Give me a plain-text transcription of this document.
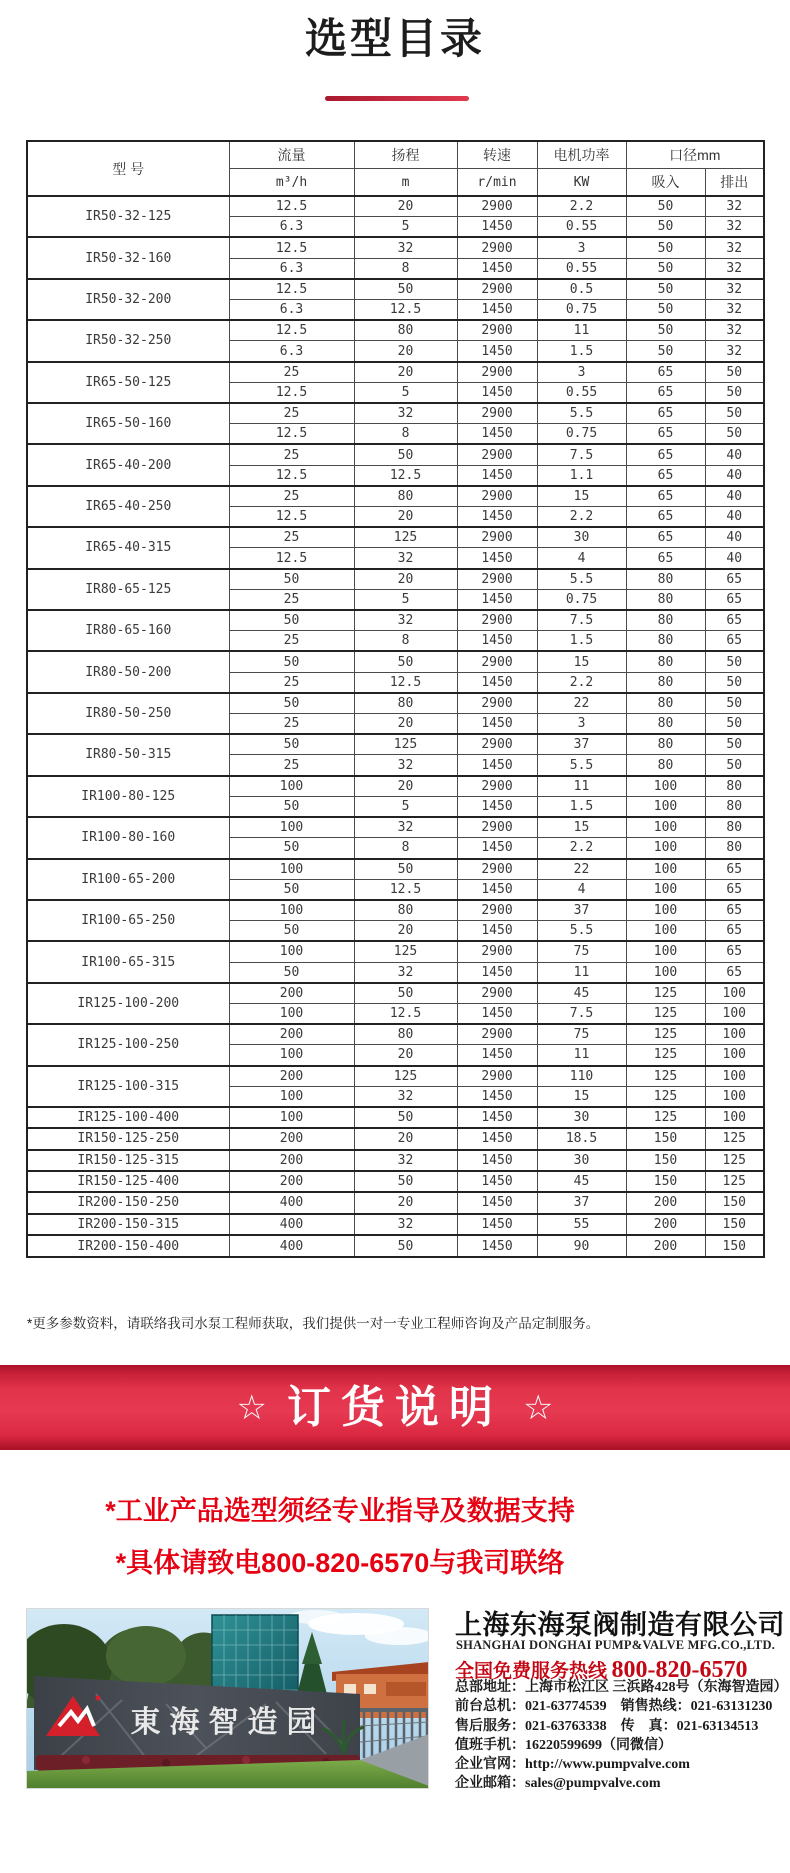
选型目录
型 号	流量	扬程	转速	电机功率	口径mm	
	m³/h	m	r/min	KW	吸入	排出
IR50-32-125	12.5	20	2900	2.2	50	32
	6.3	5	1450	0.55	50	32
IR50-32-160	12.5	32	2900	3	50	32
	6.3	8	1450	0.55	50	32
IR50-32-200	12.5	50	2900	0.5	50	32
	6.3	12.5	1450	0.75	50	32
IR50-32-250	12.5	80	2900	11	50	32
	6.3	20	1450	1.5	50	32
IR65-50-125	25	20	2900	3	65	50
	12.5	5	1450	0.55	65	50
IR65-50-160	25	32	2900	5.5	65	50
	12.5	8	1450	0.75	65	50
IR65-40-200	25	50	2900	7.5	65	40
	12.5	12.5	1450	1.1	65	40
IR65-40-250	25	80	2900	15	65	40
	12.5	20	1450	2.2	65	40
IR65-40-315	25	125	2900	30	65	40
	12.5	32	1450	4	65	40
IR80-65-125	50	20	2900	5.5	80	65
	25	5	1450	0.75	80	65
IR80-65-160	50	32	2900	7.5	80	65
	25	8	1450	1.5	80	65
IR80-50-200	50	50	2900	15	80	50
	25	12.5	1450	2.2	80	50
IR80-50-250	50	80	2900	22	80	50
	25	20	1450	3	80	50
IR80-50-315	50	125	2900	37	80	50
	25	32	1450	5.5	80	50
IR100-80-125	100	20	2900	11	100	80
	50	5	1450	1.5	100	80
IR100-80-160	100	32	2900	15	100	80
	50	8	1450	2.2	100	80
IR100-65-200	100	50	2900	22	100	65
	50	12.5	1450	4	100	65
IR100-65-250	100	80	2900	37	100	65
	50	20	1450	5.5	100	65
IR100-65-315	100	125	2900	75	100	65
	50	32	1450	11	100	65
IR125-100-200	200	50	2900	45	125	100
	100	12.5	1450	7.5	125	100
IR125-100-250	200	80	2900	75	125	100
	100	20	1450	11	125	100
IR125-100-315	200	125	2900	110	125	100
	100	32	1450	15	125	100
IR125-100-400	100	50	1450	30	125	100
IR150-125-250	200	20	1450	18.5	150	125
IR150-125-315	200	32	1450	30	150	125
IR150-125-400	200	50	1450	45	150	125
IR200-150-250	400	20	1450	37	200	150
IR200-150-315	400	32	1450	55	200	150
IR200-150-400	400	50	1450	90	200	150
*更多参数资料，请联络我司水泵工程师获取，我们提供一对一专业工程师咨询及产品定制服务。
☆ 订货说明 ☆
*工业产品选型须经专业指导及数据支持
*具体请致电800-820-6570与我司联络
東海智造园
上海东海泵阀制造有限公司
SHANGHAI DONGHAI PUMP&VALVE MFG.CO.,LTD.
全国免费服务热线 800-820-6570
总部地址：上海市松江区 三浜路428号（东海智造园）
前台总机：021-63774539　销售热线：021-63131230
售后服务：021-63763338　传　真：021-63134513
值班手机：16220599699（同微信）
企业官网：http://www.pumpvalve.com
企业邮箱：sales@pumpvalve.com
